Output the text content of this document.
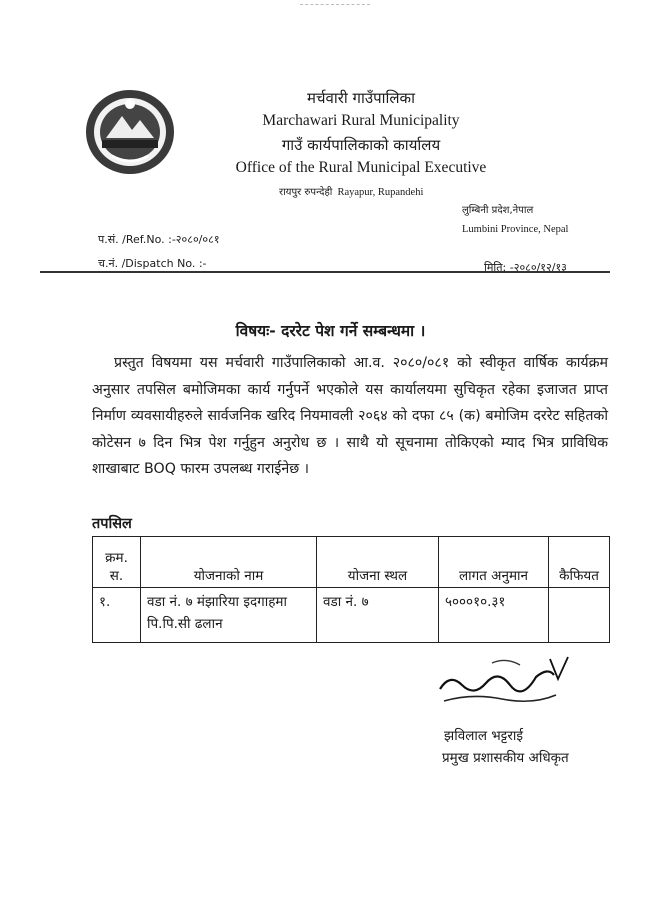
मर्चवारी गाउँपालिका
Marchawari Rural Municipality
गाउँ कार्यपालिकाको कार्यालय
Office of the Rural Municipal Executive
रायपुर रुपन्देही Rayapur, Rupandehi
लुम्बिनी प्रदेश,नेपाल
Lumbini Province, Nepal
प.सं. /Ref.No. :-२०८०/०८१
च.नं. /Dispatch No. :-	मिति: -२०८०/१२/१३
विषयः- दररेट पेश गर्ने सम्बन्धमा ।

प्रस्तुत विषयमा यस मर्चवारी गाउँपालिकाको आ.व. २०८०/०८१ को स्वीकृत वार्षिक कार्यक्रम अनुसार तपसिल बमोजिमका कार्य गर्नुपर्ने भएकोले यस कार्यालयमा सुचिकृत रहेका इजाजत प्राप्त निर्माण व्यवसायीहरुले सार्वजनिक खरिद नियमावली २०६४ को दफा ८५ (क) बमोजिम दररेट सहितको कोटेसन ७ दिन भित्र पेश गर्नुहुन अनुरोध छ । साथै यो सूचनामा तोकिएको म्याद भित्र प्राविधिक शाखाबाट BOQ फारम उपलब्ध गराईनेछ ।

तपसिल
क्रम. स.	योजनाको नाम	योजना स्थल	लागत अनुमान	कैफियत
१.	वडा नं. ७ मंझारिया इदगाहमा पि.पि.सी ढलान	वडा नं. ७	५०००१०.३१	
झविलाल भट्टराई
प्रमुख प्रशासकीय अधिकृत
